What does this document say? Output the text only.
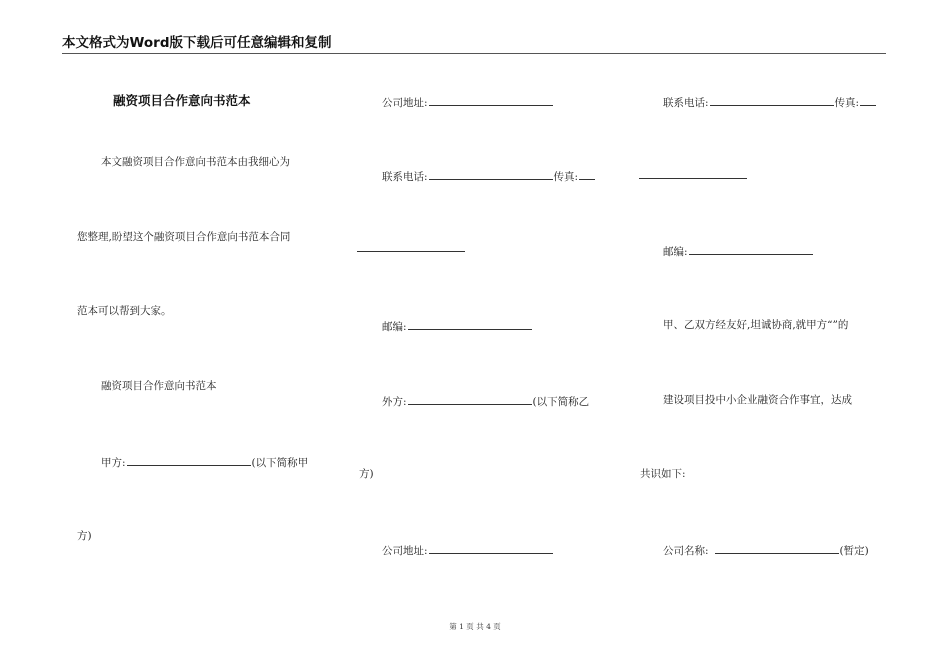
本文格式为Word版下载后可任意编辑和复制
融资项目合作意向书范本
本文融资项目合作意向书范本由我细心为
您整理,盼望这个融资项目合作意向书范本合同
范本可以帮到大家。
融资项目合作意向书范本
甲方:	(以下简称甲
方)
公司地址:
联系电话:	传真:
邮编:
外方:	(以下简称乙
方)
公司地址:
联系电话:	传真:
邮编:
甲、乙双方经友好,坦诚协商,就甲方“”的
建设项目投中小企业融资合作事宜，达成
共识如下:
公司名称:	(暂定)
第 1 页 共 4 页
